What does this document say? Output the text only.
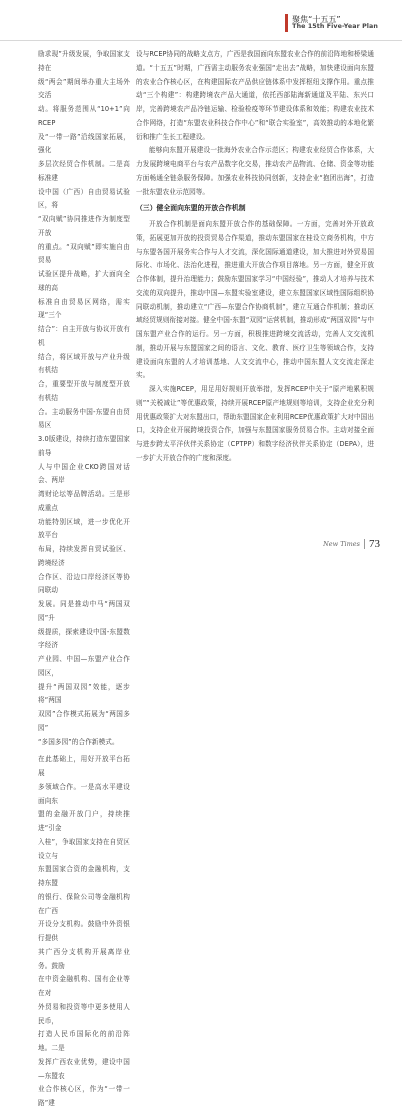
聚焦“十五五”
The 15th Five-Year Plan

励求现”升级发展，争取国家支持在
级“两会”期间举办重大主场外交活
动。将服务范围从“10+1”向RCEP
及“一带一路”沿线国家拓展，强化
多层次经贸合作机制。二是高标准建
设中国（广西）自由贸易试验区，将
“双向赋”协同推进作为制度型开放
的重点。“双向赋”即实施自由贸易
试验区提升战略，扩大面向全球的高
标准自由贸易区网络，需实现“三个
结合”：自主开放与协议开放有机
结合，将区域开放与产业升级有机结
合，重要型开放与制度型开放有机结
合。主动服务中国-东盟自由贸易区
3.0版建设，持续打造东盟国家前导
人与中国企业CKO跨国对话会、两岸
湾财论坛等品牌活动。三是形成重点
功能特别区域，进一步优化开放平台
布局，持续发挥自贸试验区、跨境经济
合作区、沿边口岸经济区等协同联动
发展。同是推动中马“两国双园”升
级提质，探索建设中国-东盟数字经济
产业园、中国—东盟产业合作园区，
提升“两国双园”效能，逐步将“两国
双园”合作模式拓展为“两国多园”
“多国多园”的合作新模式。

在此基础上，用好开放平台拓展
多领域合作。一是高水平建设面向东
盟的金融开放门户，持续推进“引金
入桂”，争取国家支持在自贸区设立与
东盟国家合资的金融机构，支持东盟
的银行、保险公司等金融机构在广西
开设分支机构。鼓励中外资银行提供
其广西分支机构开展离岸业务。鼓励
在中资金融机构、国有企业等在对
外贸易和投资等中更多使用人民币，
打造人民币国际化的前沿阵地。二是
发挥广西农业优势，建设中国—东盟农
业合作核心区，作为“一带一路”建

设与RCEP协同的战略支点方，广西是我国面向东盟农业合作的前沿阵地和桥梁通道。“十五五”时期，广西需主动服务农业强国“走出去”战略，加快建设面向东盟的农业合作核心区，在构建国际农产品供应链体系中发挥枢纽支撑作用。重点推动“三个构建”：构建跨境农产品大通道，依托西部陆海新通道及平陆、东兴口岸，完善跨境农产品冷链运输、检验检疫等环节建设体系和效能；构建农业技术合作网络，打造“东盟农业科技合作中心”和“联合实验室”，高效推动的本地化繁衍和推广生长工程建设。

能够向东盟开展建设一批海外农业合作示范区；构建农业经贸合作体系，大力发展跨境电商平台与农产品数字化交易，推动农产品物流、仓储、资金等功能方面畅通全链条服务保障。加强农业科技协同创新，支持企业“抱团出海”，打造一批东盟农业示范园等。

（三）健全面向东盟的开放合作机制

开放合作机制是面向东盟开放合作的基础保障。一方面，完善对外开放政策，拓展更加开放的投资贸易合作渠道，推动东盟国家在桂设立商务机构，中方与东盟各国开展务实合作与人才交流，深化国际通道建设，加大推进对外贸易国际化、市场化、法治化进程，推进重大开放合作项目落地。另一方面，健全开放合作体制，提升治理能力；鼓励东盟国家学习“中国经验”，推动人才培养与技术交流的双向提升，推动中国—东盟实验室建设，建立东盟国家区域性国际组织协同联动机制，推动建立“广西—东盟合作协商机制”，建立互通合作机制；推动区域经贸规则衔接对接。健全中国-东盟“双园”运营机制，推动形成“两国双园”与中国东盟产业合作的运行。另一方面，积极推进跨境交流活动，完善人文交流机制，推动开展与东盟国家之间的语言、文化、教育、医疗卫生等领域合作，支持建设面向东盟的人才培训基地、人文交流中心，推动中国东盟人文交流走深走实。

深入实施RCEP，用足用好规则开放举措，发挥RCEP中关于“原产地累积规则”“关税减让”等优惠政策，持续开展RCEP原产地规则等培训，支持企业充分利用优惠政策扩大对东盟出口，帮助东盟国家企业利用RCEP优惠政策扩大对中国出口，支持企业开展跨境投资合作，加强与东盟国家服务贸易合作。主动对接全面与进步跨太平洋伙伴关系协定（CPTPP）和数字经济伙伴关系协定（DEPA），进一步扩大开放合作的广度和深度。

New Times 73
